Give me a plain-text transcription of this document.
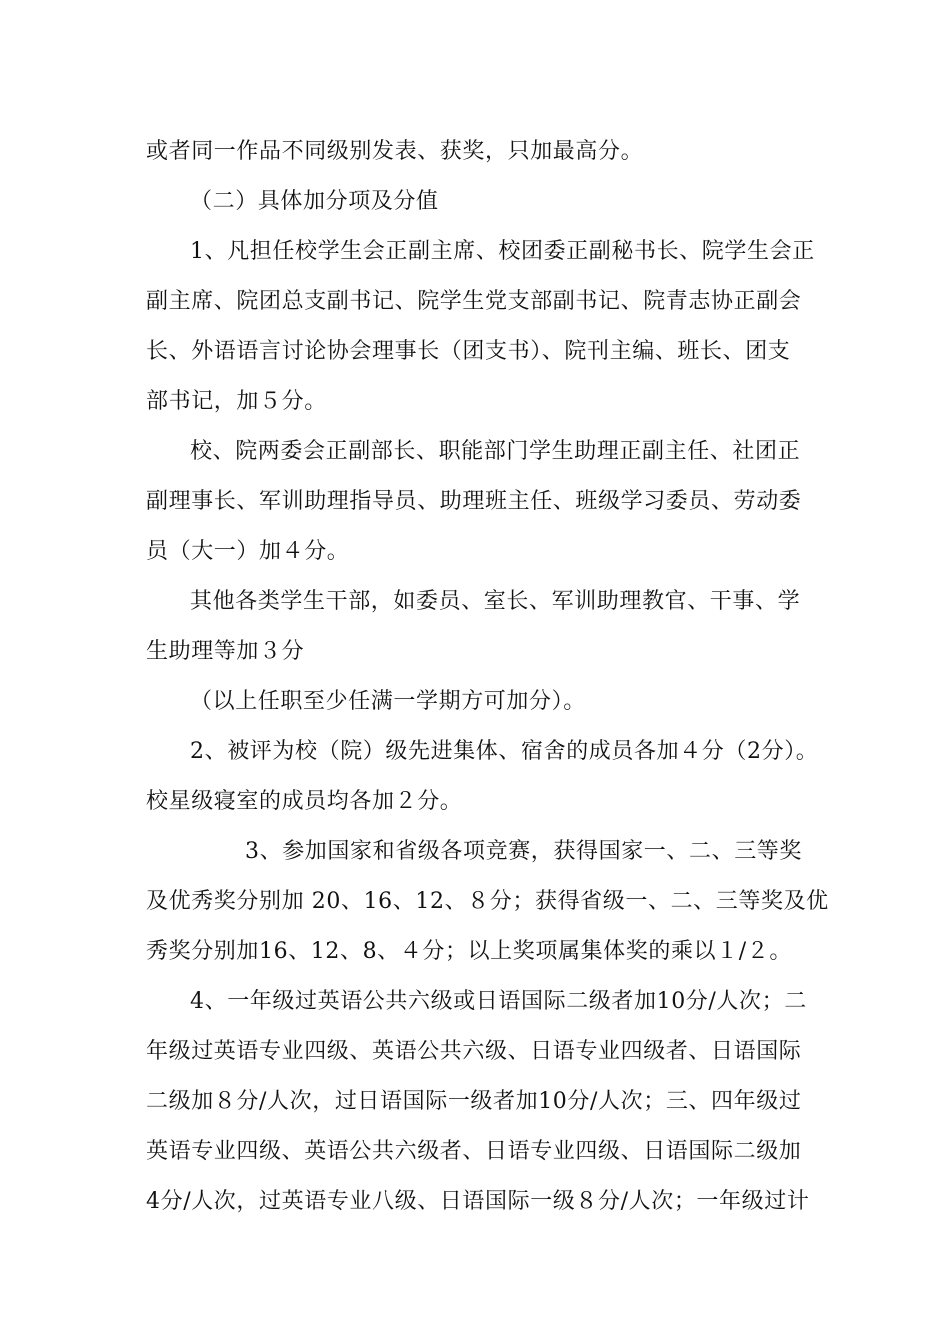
或者同一作品不同级别发表、获奖，只加最高分。
（二）具体加分项及分值
1、凡担任校学生会正副主席、校团委正副秘书长、院学生会正
副主席、院团总支副书记、院学生党支部副书记、院青志协正副会
长、外语语言讨论协会理事长（团支书）、院刊主编、班长、团支
部书记，加５分。
校、院两委会正副部长、职能部门学生助理正副主任、社团正
副理事长、军训助理指导员、助理班主任、班级学习委员、劳动委
员（大一）加４分。
其他各类学生干部，如委员、室长、军训助理教官、干事、学
生助理等加３分
（以上任职至少任满一学期方可加分）。
2、被评为校（院）级先进集体、宿舍的成员各加４分（2分）。
校星级寝室的成员均各加２分。
3、参加国家和省级各项竞赛，获得国家一、二、三等奖
及优秀奖分别加 20、16、12、８分；获得省级一、二、三等奖及优
秀奖分别加16、12、8、４分；以上奖项属集体奖的乘以１/２。
4、一年级过英语公共六级或日语国际二级者加10分/人次；二
年级过英语专业四级、英语公共六级、日语专业四级者、日语国际
二级加８分/人次，过日语国际一级者加10分/人次；三、四年级过
英语专业四级、英语公共六级者、日语专业四级、日语国际二级加
4分/人次，过英语专业八级、日语国际一级８分/人次；一年级过计
